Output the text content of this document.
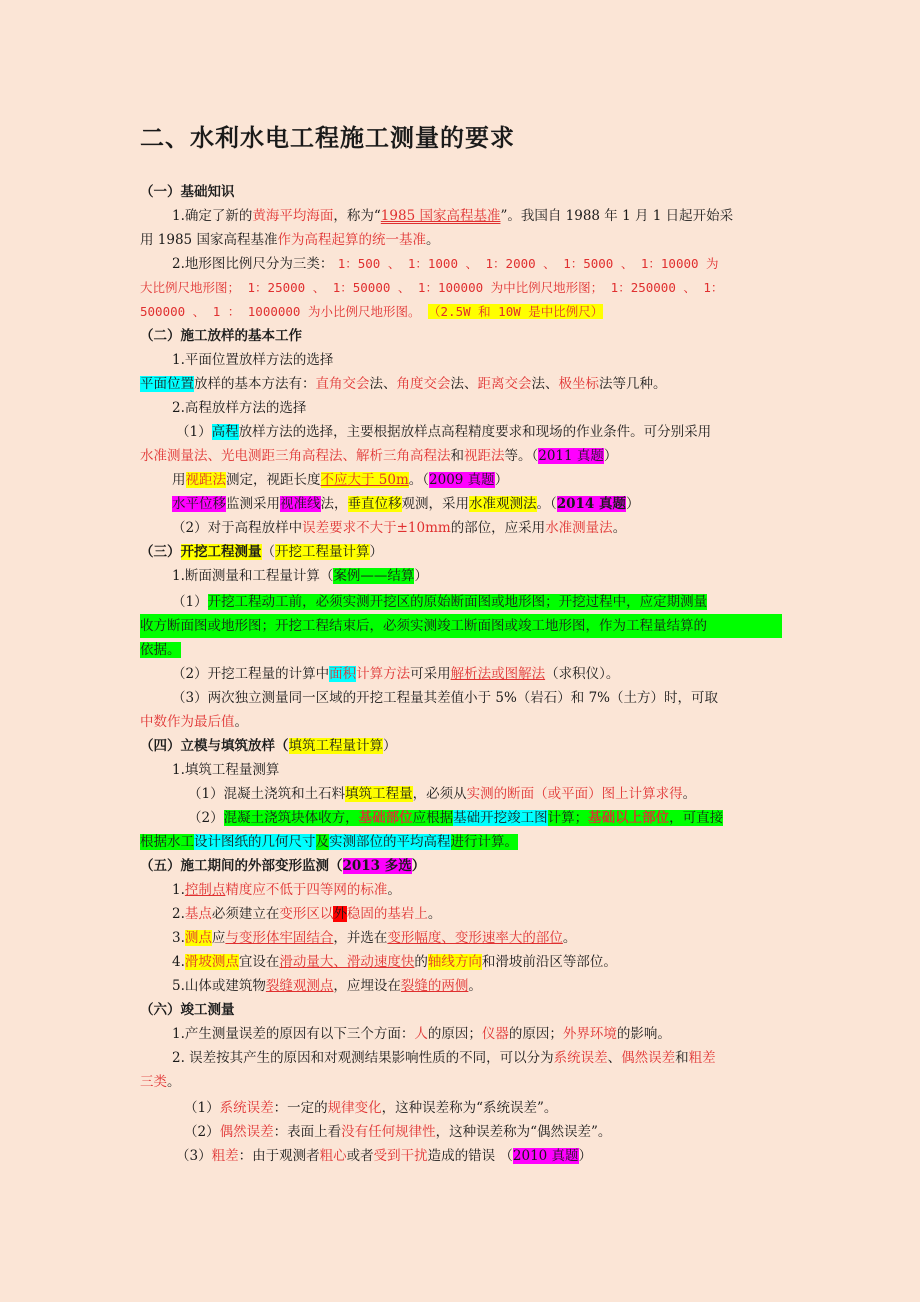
二、水利水电工程施工测量的要求
（一）基础知识
1.确定了新的黄海平均海面，称为“1985 国家高程基准”。我国自 1988 年 1 月 1 日起开始采
用 1985 国家高程基准作为高程起算的统一基准。
2.地形图比例尺分为三类： 1：500 、 1：1000 、 1：2000 、 1：5000 、 1：10000 为
大比例尺地形图； 1：25000 、 1：50000 、 1：100000 为中比例尺地形图； 1：250000 、 1：
500000 、 1 ： 1000000 为小比例尺地形图。 （2.5W 和 10W 是中比例尺）
（二）施工放样的基本工作
1.平面位置放样方法的选择
平面位置放样的基本方法有：直角交会法、角度交会法、距离交会法、极坐标法等几种。
2.高程放样方法的选择
（1）高程放样方法的选择，主要根据放样点高程精度要求和现场的作业条件。可分别采用
水准测量法、光电测距三角高程法、解析三角高程法和视距法等。（2011 真题）
用视距法测定，视距长度不应大于 50m。（2009 真题）
水平位移监测采用视准线法，垂直位移观测，采用水准观测法。（2014 真题）
（2）对于高程放样中误差要求不大于±10mm的部位，应采用水准测量法。
（三）开挖工程测量（开挖工程量计算）
1.断面测量和工程量计算（案例——结算）
（1）开挖工程动工前，必须实测开挖区的原始断面图或地形图；开挖过程中，应定期测量
收方断面图或地形图；开挖工程结束后，必须实测竣工断面图或竣工地形图，作为工程量结算的
依据。
（2）开挖工程量的计算中面积计算方法可采用解析法或图解法（求积仪）。
（3）两次独立测量同一区域的开挖工程量其差值小于 5%（岩石）和 7%（土方）时，可取
中数作为最后值。
（四）立模与填筑放样（填筑工程量计算）
1.填筑工程量测算
（1）混凝土浇筑和土石料填筑工程量，必须从实测的断面（或平面）图上计算求得。
（2）混凝土浇筑块体收方，基础部位应根据基础开挖竣工图计算；基础以上部位，可直接
根据水工设计图纸的几何尺寸及实测部位的平均高程进行计算。
（五）施工期间的外部变形监测（2013 多选）
1.控制点精度应不低于四等网的标准。
2.基点必须建立在变形区以外稳固的基岩上。
3.测点应与变形体牢固结合，并选在变形幅度、变形速率大的部位。
4.滑坡测点宜设在滑动量大、滑动速度快的轴线方向和滑坡前沿区等部位。
5.山体或建筑物裂缝观测点，应埋设在裂缝的两侧。
（六）竣工测量
1.产生测量误差的原因有以下三个方面：人的原因；仪器的原因；外界环境的影响。
2. 误差按其产生的原因和对观测结果影响性质的不同，可以分为系统误差、偶然误差和粗差
三类。
（1）系统误差：一定的规律变化，这种误差称为“系统误差”。
（2）偶然误差：表面上看没有任何规律性，这种误差称为“偶然误差”。
（3）粗差：由于观测者粗心或者受到干扰造成的错误 （2010 真题）
